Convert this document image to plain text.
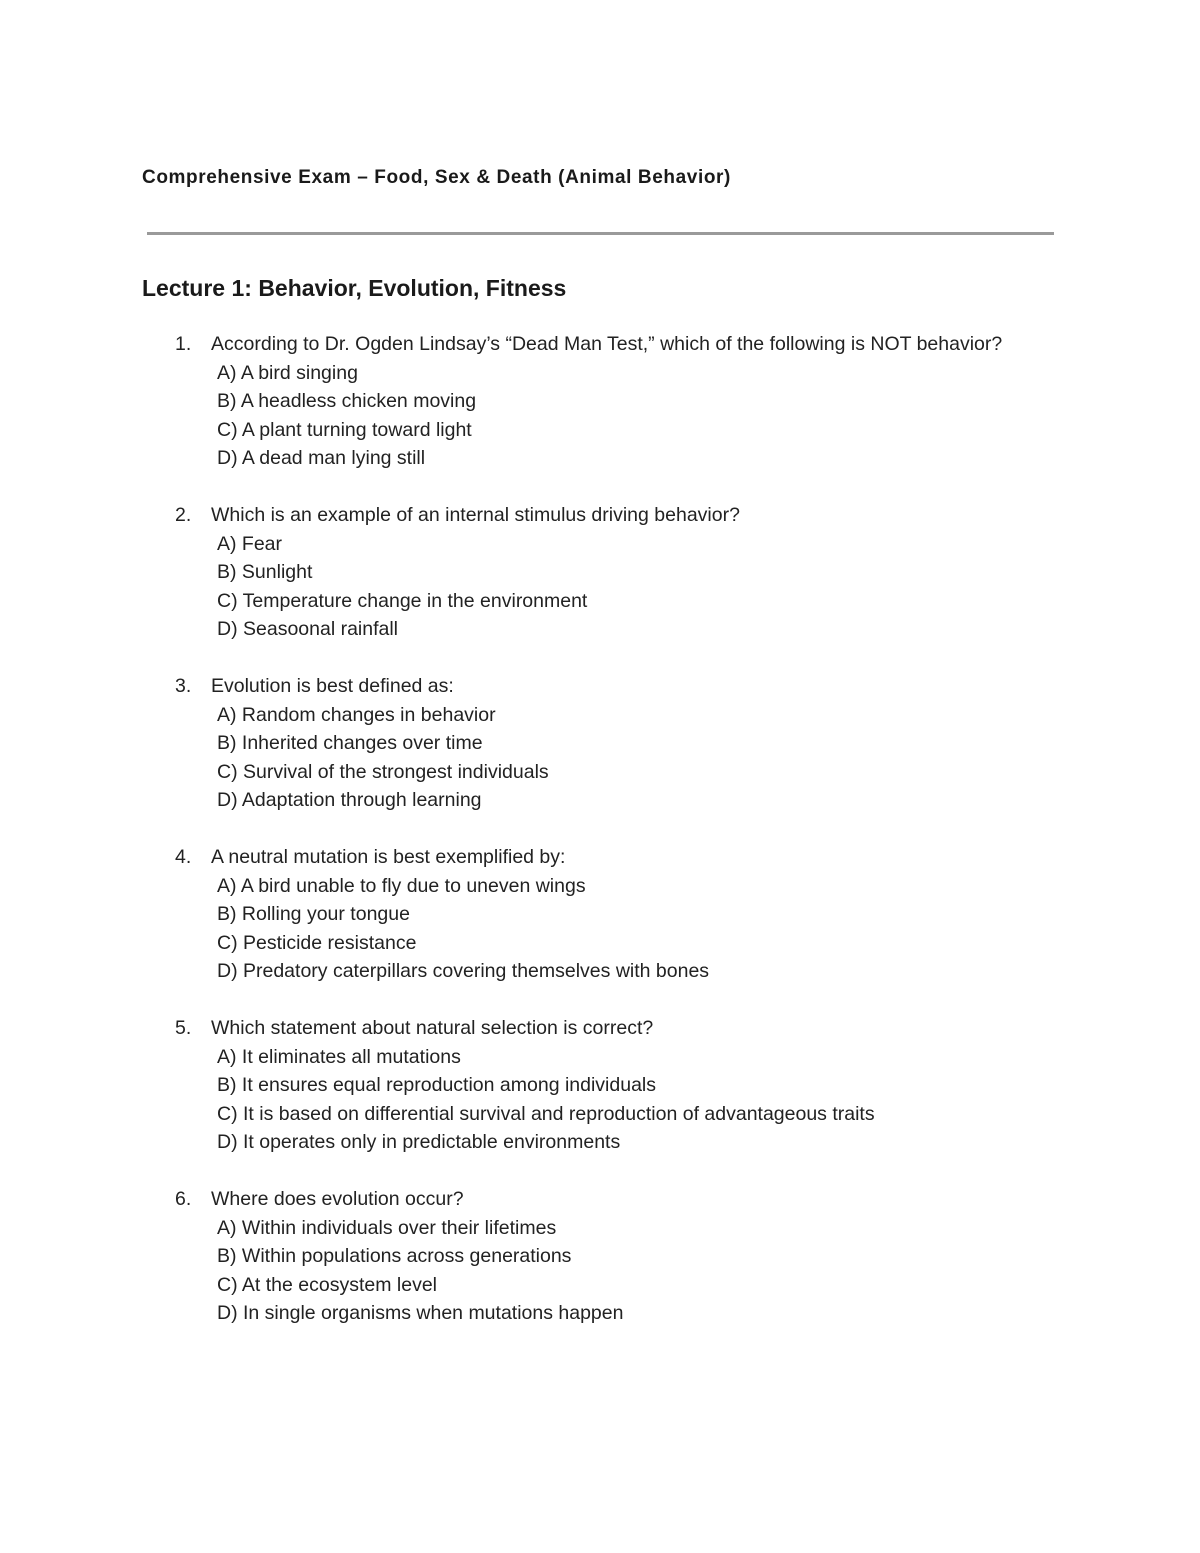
Comprehensive Exam – Food, Sex & Death (Animal Behavior)
Lecture 1: Behavior, Evolution, Fitness
1.	According to Dr. Ogden Lindsay’s “Dead Man Test,” which of the following is NOT behavior?
A) A bird singing
B) A headless chicken moving
C) A plant turning toward light
D) A dead man lying still
2.	Which is an example of an internal stimulus driving behavior?
A) Fear
B) Sunlight
C) Temperature change in the environment
D) Seasoonal rainfall
3.	Evolution is best defined as:
A) Random changes in behavior
B) Inherited changes over time
C) Survival of the strongest individuals
D) Adaptation through learning
4.	A neutral mutation is best exemplified by:
A) A bird unable to fly due to uneven wings
B) Rolling your tongue
C) Pesticide resistance
D) Predatory caterpillars covering themselves with bones
5.	Which statement about natural selection is correct?
A) It eliminates all mutations
B) It ensures equal reproduction among individuals
C) It is based on differential survival and reproduction of advantageous traits
D) It operates only in predictable environments
6.	Where does evolution occur?
A) Within individuals over their lifetimes
B) Within populations across generations
C) At the ecosystem level
D) In single organisms when mutations happen
